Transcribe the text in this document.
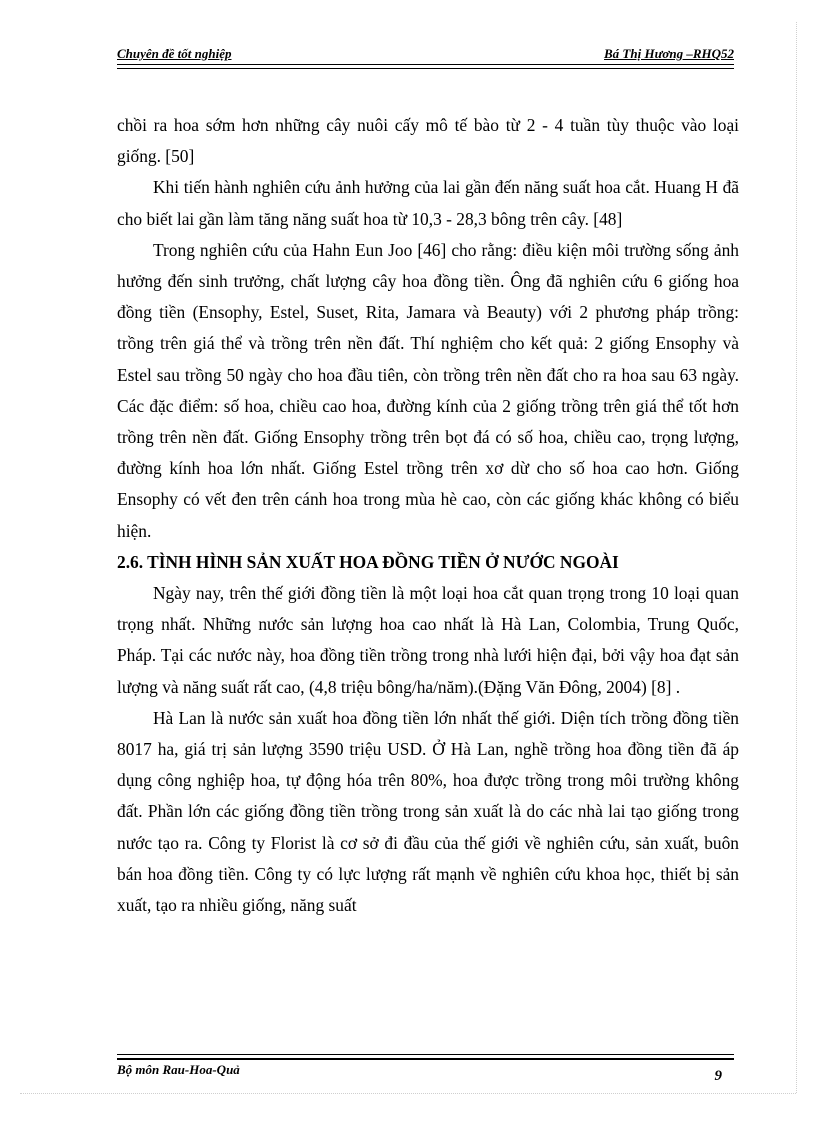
Chuyên đề tốt nghiệp	Bá Thị Hương –RHQ52

chồi ra hoa sớm hơn những cây nuôi cấy mô tế bào từ 2 - 4 tuần tùy thuộc vào loại giống. [50]

Khi tiến hành nghiên cứu ảnh hưởng của lai gần đến năng suất hoa cắt. Huang H đã cho biết lai gần làm tăng năng suất hoa từ 10,3 - 28,3 bông trên cây. [48]

Trong nghiên cứu của Hahn Eun Joo [46] cho rằng: điều kiện môi trường sống ảnh hưởng đến sinh trưởng, chất lượng cây hoa đồng tiền. Ông đã nghiên cứu 6 giống hoa đồng tiền (Ensophy, Estel, Suset, Rita, Jamara và Beauty) với 2 phương pháp trồng: trồng trên giá thể và trồng trên nền đất. Thí nghiệm cho kết quả: 2 giống Ensophy và Estel sau trồng 50 ngày cho hoa đầu tiên, còn trồng trên nền đất cho ra hoa sau 63 ngày. Các đặc điểm: số hoa, chiều cao hoa, đường kính của 2 giống trồng trên giá thể tốt hơn trồng trên nền đất. Giống Ensophy trồng trên bọt đá có số hoa, chiều cao, trọng lượng, đường kính hoa lớn nhất. Giống Estel trồng trên xơ dừ cho số hoa cao hơn. Giống Ensophy có vết đen trên cánh hoa trong mùa hè cao, còn các giống khác không có biểu hiện.

2.6. TÌNH HÌNH SẢN XUẤT HOA ĐỒNG TIỀN Ở NƯỚC NGOÀI

Ngày nay, trên thế giới đồng tiền là một loại hoa cắt quan trọng trong 10 loại quan trọng nhất. Những nước sản lượng hoa cao nhất là Hà Lan, Colombia, Trung Quốc, Pháp. Tại các nước này, hoa đồng tiền trồng trong nhà lưới hiện đại, bởi vậy hoa đạt sản lượng và năng suất rất cao, (4,8 triệu bông/ha/năm).(Đặng Văn Đông, 2004) [8] .

Hà Lan là nước sản xuất hoa đồng tiền lớn nhất thế giới. Diện tích trồng đồng tiền 8017 ha, giá trị sản lượng 3590 triệu USD. Ở Hà Lan, nghề trồng hoa đồng tiền đã áp dụng công nghiệp hoa, tự động hóa trên 80%, hoa được trồng trong môi trường không đất. Phần lớn các giống đồng tiền trồng trong sản xuất là do các nhà lai tạo giống trong nước tạo ra. Công ty Florist là cơ sở đi đầu của thế giới về nghiên cứu, sản xuất, buôn bán hoa đồng tiền. Công ty có lực lượng rất mạnh về nghiên cứu khoa học, thiết bị sản xuất, tạo ra nhiều giống, năng suất

Bộ môn Rau-Hoa-Quả	9
